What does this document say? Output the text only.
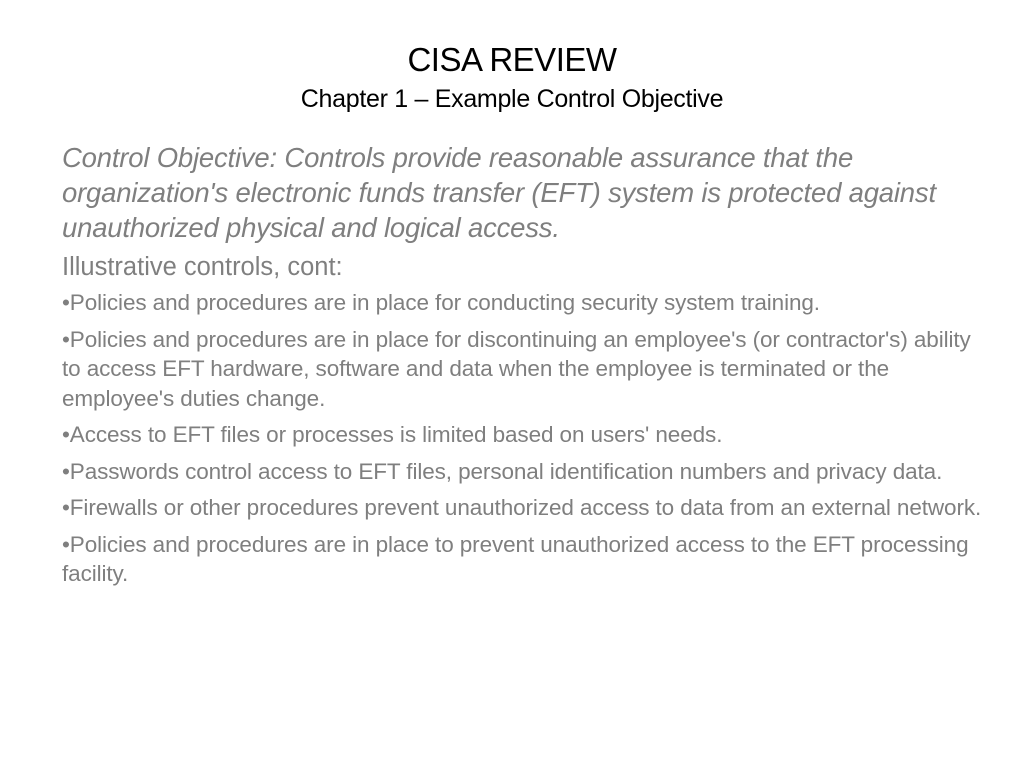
CISA REVIEW
Chapter 1 – Example Control Objective

Control Objective: Controls provide reasonable assurance that the organization's electronic funds transfer (EFT) system is protected against unauthorized physical and logical access.

Illustrative controls, cont:

•Policies and procedures are in place for conducting security system training.

•Policies and procedures are in place for discontinuing an employee's (or contractor's) ability to access EFT hardware, software and data when the employee is terminated or the employee's duties change.

•Access to EFT files or processes is limited based on users' needs.

•Passwords control access to EFT files, personal identification numbers and privacy data.

•Firewalls or other procedures prevent unauthorized access to data from an external network.

•Policies and procedures are in place to prevent unauthorized access to the EFT processing facility.
